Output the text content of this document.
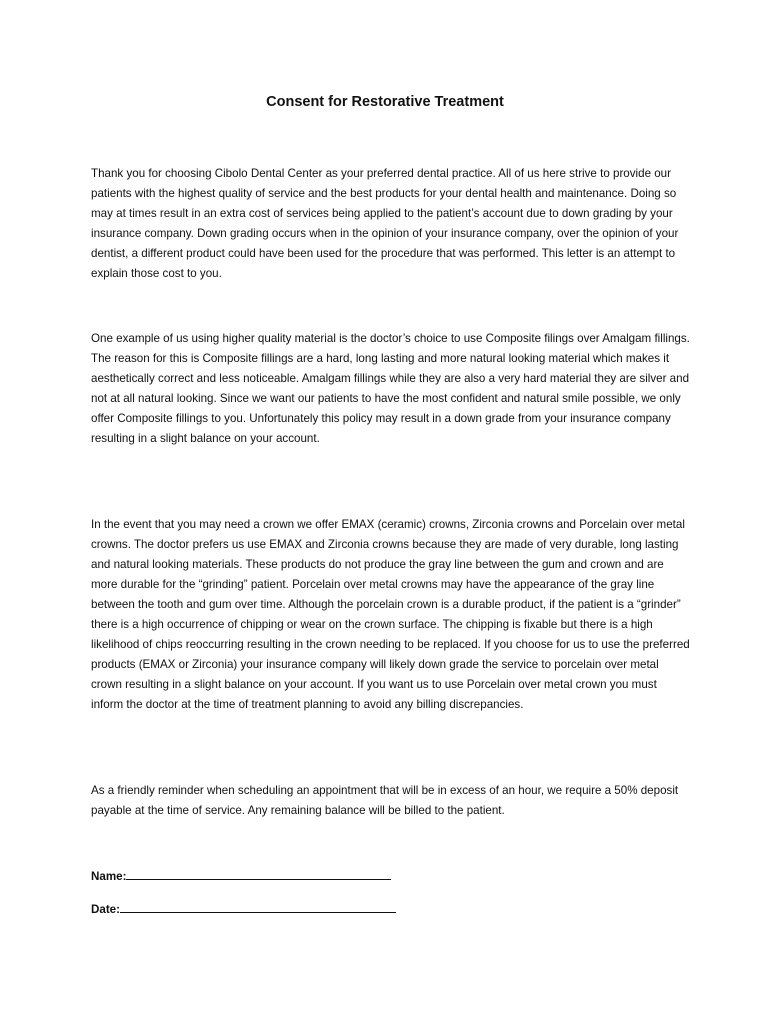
Consent for Restorative Treatment

Thank you for choosing Cibolo Dental Center as your preferred dental practice. All of us here strive to provide our patients with the highest quality of service and the best products for your dental health and maintenance. Doing so may at times result in an extra cost of services being applied to the patient’s account due to down grading by your insurance company. Down grading occurs when in the opinion of your insurance company, over the opinion of your dentist, a different product could have been used for the procedure that was performed. This letter is an attempt to explain those cost to you.

One example of us using higher quality material is the doctor’s choice to use Composite filings over Amalgam fillings. The reason for this is Composite fillings are a hard, long lasting and more natural looking material which makes it aesthetically correct and less noticeable. Amalgam fillings while they are also a very hard material they are silver and not at all natural looking. Since we want our patients to have the most confident and natural smile possible, we only offer Composite fillings to you. Unfortunately this policy may result in a down grade from your insurance company resulting in a slight balance on your account.

In the event that you may need a crown we offer EMAX (ceramic) crowns, Zirconia crowns and Porcelain over metal crowns. The doctor prefers us use EMAX and Zirconia crowns because they are made of very durable, long lasting and natural looking materials. These products do not produce the gray line between the gum and crown and are more durable for the “grinding” patient. Porcelain over metal crowns may have the appearance of the gray line between the tooth and gum over time. Although the porcelain crown is a durable product, if the patient is a “grinder” there is a high occurrence of chipping or wear on the crown surface. The chipping is fixable but there is a high likelihood of chips reoccurring resulting in the crown needing to be replaced. If you choose for us to use the preferred products (EMAX or Zirconia) your insurance company will likely down grade the service to porcelain over metal crown resulting in a slight balance on your account. If you want us to use Porcelain over metal crown you must inform the doctor at the time of treatment planning to avoid any billing discrepancies.

As a friendly reminder when scheduling an appointment that will be in excess of an hour, we require a 50% deposit payable at the time of service. Any remaining balance will be billed to the patient.

Name:
Date:
